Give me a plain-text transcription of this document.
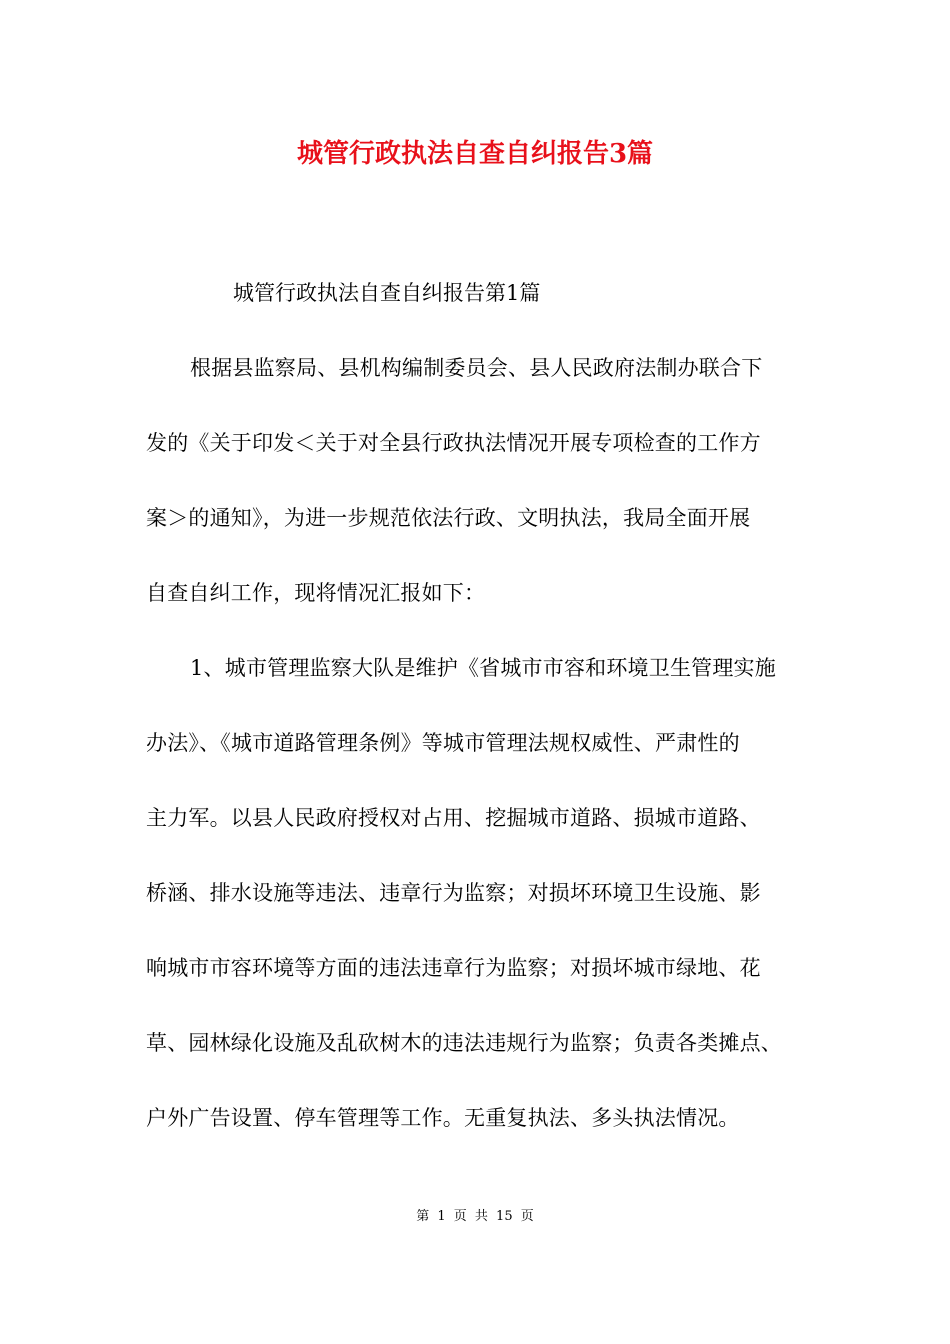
城管行政执法自查自纠报告3篇
城管行政执法自查自纠报告第1篇
根据县监察局、县机构编制委员会、县人民政府法制办联合下
发的《关于印发＜关于对全县行政执法情况开展专项检查的工作方
案＞的通知》，为进一步规范依法行政、文明执法，我局全面开展
自查自纠工作，现将情况汇报如下：
1、城市管理监察大队是维护《省城市市容和环境卫生管理实施
办法》、《城市道路管理条例》等城市管理法规权威性、严肃性的
主力军。以县人民政府授权对占用、挖掘城市道路、损城市道路、
桥涵、排水设施等违法、违章行为监察；对损坏环境卫生设施、影
响城市市容环境等方面的违法违章行为监察；对损坏城市绿地、花
草、园林绿化设施及乱砍树木的违法违规行为监察；负责各类摊点、
户外广告设置、停车管理等工作。无重复执法、多头执法情况。
第 1 页 共 15 页
